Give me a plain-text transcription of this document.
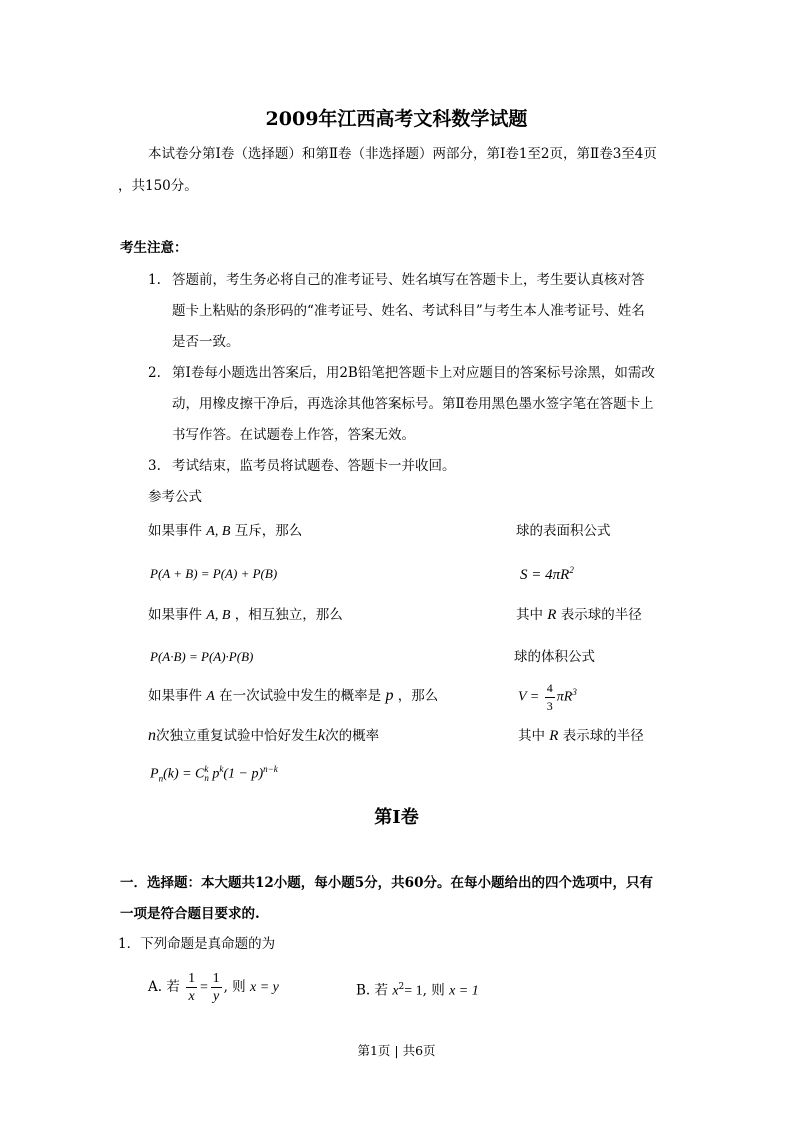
2009年江西高考文科数学试题
本试卷分第Ⅰ卷（选择题）和第Ⅱ卷（非选择题）两部分，第Ⅰ卷1至2页，第Ⅱ卷3至4页
，共150分。
考生注意：
1. 答题前，考生务必将自己的准考证号、姓名填写在答题卡上，考生要认真核对答
题卡上粘贴的条形码的“准考证号、姓名、考试科目”与考生本人准考证号、姓名
是否一致。
2. 第Ⅰ卷每小题选出答案后，用2B铅笔把答题卡上对应题目的答案标号涂黑，如需改
动，用橡皮擦干净后，再选涂其他答案标号。第Ⅱ卷用黑色墨水签字笔在答题卡上
书写作答。在试题卷上作答，答案无效。
3. 考试结束，监考员将试题卷、答题卡一并收回。
参考公式
如果事件 A, B 互斥，那么
P(A + B) = P(A) + P(B)
如果事件 A, B ，相互独立，那么
P(A·B) = P(A)·P(B)
如果事件 A 在一次试验中发生的概率是 p ，那么
n次独立重复试验中恰好发生k次的概率
$P_n(k) = C$ k
n $p^k(1 - p)^{n-k}$
球的表面积公式
$S = 4\pi R^2$
其中 R 表示球的半径
球的体积公式
$V = \frac{4}{3} \pi R^3$
其中 R 表示球的半径
第Ⅰ卷
一．选择题：本大题共12小题，每小题5分，共60分。在每小题给出的四个选项中，只有
一项是符合题目要求的.
1．下列命题是真命题的为
A. 若 $\frac{1}{x} = \frac{1}{y}$ , 则 x = y	B. 若 $x^2= 1$, 则 x = 1
第1页 | 共6页
